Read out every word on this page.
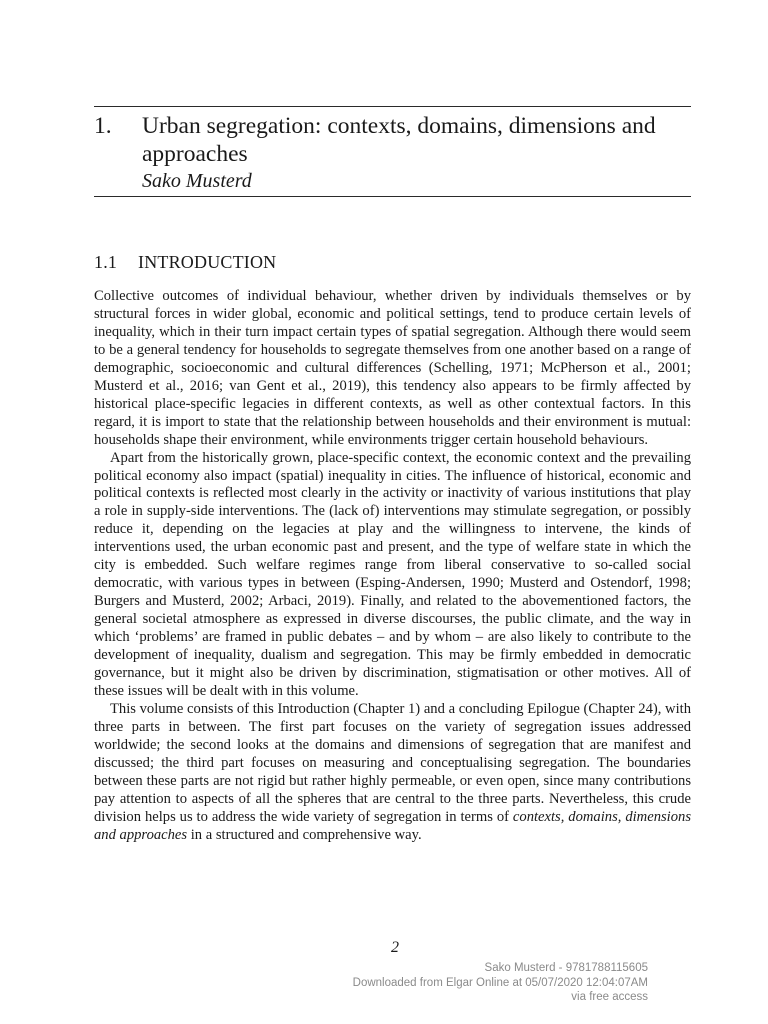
1. Urban segregation: contexts, domains, dimensions and approaches
Sako Musterd
1.1 INTRODUCTION

Collective outcomes of individual behaviour, whether driven by individuals themselves or by structural forces in wider global, economic and political settings, tend to produce certain levels of inequality, which in their turn impact certain types of spatial segregation. Although there would seem to be a general tendency for households to segregate themselves from one another based on a range of demographic, socioeconomic and cultural differences (Schelling, 1971; McPherson et al., 2001; Musterd et al., 2016; van Gent et al., 2019), this tendency also appears to be firmly affected by historical place-specific legacies in different contexts, as well as other contextual factors. In this regard, it is import to state that the relationship between households and their environment is mutual: households shape their environment, while environments trigger certain household behaviours.

Apart from the historically grown, place-specific context, the economic context and the prevailing political economy also impact (spatial) inequality in cities. The influence of historical, economic and political contexts is reflected most clearly in the activity or inactivity of various institutions that play a role in supply-side interventions. The (lack of) interventions may stimulate segregation, or possibly reduce it, depending on the legacies at play and the willingness to intervene, the kinds of interventions used, the urban economic past and present, and the type of welfare state in which the city is embedded. Such welfare regimes range from liberal conservative to so-called social democratic, with various types in between (Esping-Andersen, 1990; Musterd and Ostendorf, 1998; Burgers and Musterd, 2002; Arbaci, 2019). Finally, and related to the abovementioned factors, the general societal atmosphere as expressed in diverse discourses, the public climate, and the way in which ‘problems’ are framed in public debates – and by whom – are also likely to contribute to the development of inequality, dualism and segregation. This may be firmly embedded in democratic governance, but it might also be driven by discrimination, stigmatisation or other motives. All of these issues will be dealt with in this volume.

This volume consists of this Introduction (Chapter 1) and a concluding Epilogue (Chapter 24), with three parts in between. The first part focuses on the variety of segregation issues addressed worldwide; the second looks at the domains and dimensions of segregation that are manifest and discussed; the third part focuses on measuring and conceptualising segregation. The boundaries between these parts are not rigid but rather highly permeable, or even open, since many contributions pay attention to aspects of all the spheres that are central to the three parts. Nevertheless, this crude division helps us to address the wide variety of segregation in terms of contexts, domains, dimensions and approaches in a structured and comprehensive way.

2
Sako Musterd - 9781788115605
Downloaded from Elgar Online at 05/07/2020 12:04:07AM
via free access
